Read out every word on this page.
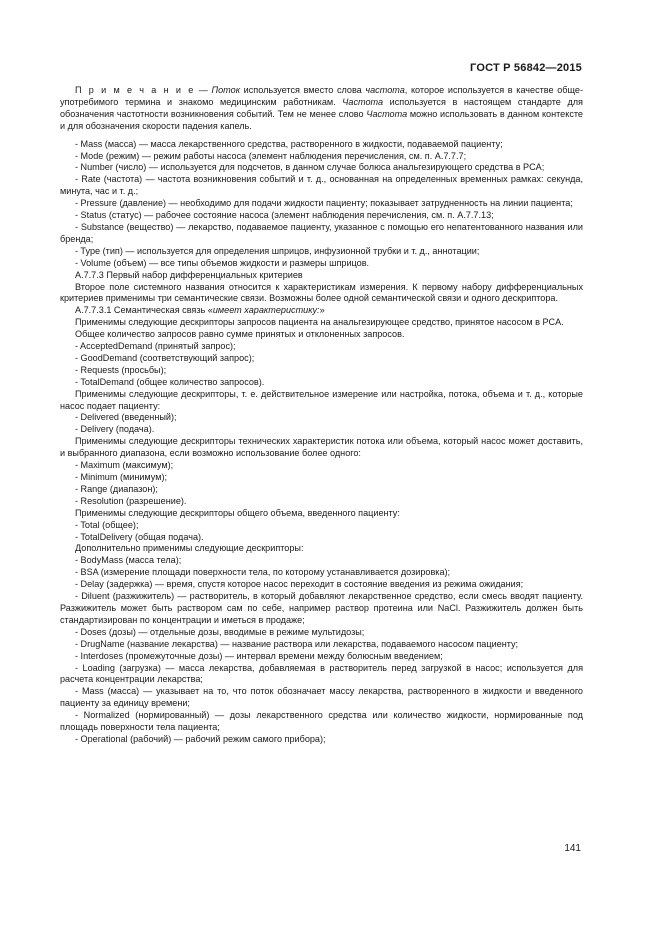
ГОСТ Р 56842—2015

П р и м е ч а н и е — Поток используется вместо слова частота, которое используется в качестве общеупотребимого термина и знакомо медицинским работникам. Частота используется в настоящем стандарте для обозначения частотности возникновения событий. Тем не менее слово Частота можно использовать в данном контексте и для обозначения скорости падения капель.

- Mass (масса) — масса лекарственного средства, растворенного в жидкости, подаваемой пациенту;

- Mode (режим) — режим работы насоса (элемент наблюдения перечисления, см. п. А.7.7.7;

- Number (число) — используется для подсчетов, в данном случае болюса анальгезирующего средства в PCA;

- Rate (частота) — частота возникновения событий и т. д., основанная на определенных временных рамках: секунда, минута, час и т. д.;

- Pressure (давление) — необходимо для подачи жидкости пациенту; показывает затрудненность на линии пациента;

- Status (статус) — рабочее состояние насоса (элемент наблюдения перечисления, см. п. А.7.7.13;

- Substance (вещество) — лекарство, подаваемое пациенту, указанное с помощью его непатентованного названия или бренда;

- Type (тип) — используется для определения шприцов, инфузионной трубки и т. д., аннотации;

- Volume (объем) — все типы объемов жидкости и размеры шприцов.

А.7.7.3 Первый набор дифференциальных критериев

Второе поле системного названия относится к характеристикам измерения. К первому набору дифференциальных критериев применимы три семантические связи. Возможны более одной семантической связи и одного дескриптора.

А.7.7.3.1 Семантическая связь «имеет характеристику:»

Применимы следующие дескрипторы запросов пациента на анальгезирующее средство, принятое насосом в PCA.

Общее количество запросов равно сумме принятых и отклоненных запросов.

- AcceptedDemand (принятый запрос);

- GoodDemand (соответствующий запрос);

- Requests (просьбы);

- TotalDemand (общее количество запросов).

Применимы следующие дескрипторы, т. е. действительное измерение или настройка, потока, объема и т. д., которые насос подает пациенту:

- Delivered (введенный);

- Delivery (подача).

Применимы следующие дескрипторы технических характеристик потока или объема, который насос может доставить, и выбранного диапазона, если возможно использование более одного:

- Maximum (максимум);

- Minimum (минимум);

- Range (диапазон);

- Resolution (разрешение).

Применимы следующие дескрипторы общего объема, введенного пациенту:

- Total (общее);

- TotalDelivery (общая подача).

Дополнительно применимы следующие дескрипторы:

- BodyMass (масса тела);

- BSA (измерение площади поверхности тела, по которому устанавливается дозировка);

- Delay (задержка) — время, спустя которое насос переходит в состояние введения из режима ожидания;

- Diluent (разжижитель) — растворитель, в который добавляют лекарственное средство, если смесь вводят пациенту. Разжижитель может быть раствором сам по себе, например раствор протеина или NaCl. Разжижитель должен быть стандартизирован по концентрации и иметься в продаже;

- Doses (дозы) — отдельные дозы, вводимые в режиме мультидозы;

- DrugName (название лекарства) — название раствора или лекарства, подаваемого насосом пациенту;

- Interdoses (промежуточные дозы) — интервал времени между болюсным введением;

- Loading (загрузка) — масса лекарства, добавляемая в растворитель перед загрузкой в насос; используется для расчета концентрации лекарства;

- Mass (масса) — указывает на то, что поток обозначает массу лекарства, растворенного в жидкости и введенного пациенту за единицу времени;

- Normalized (нормированный) — дозы лекарственного средства или количество жидкости, нормированные под площадь поверхности тела пациента;

- Operational (рабочий) — рабочий режим самого прибора);

141
